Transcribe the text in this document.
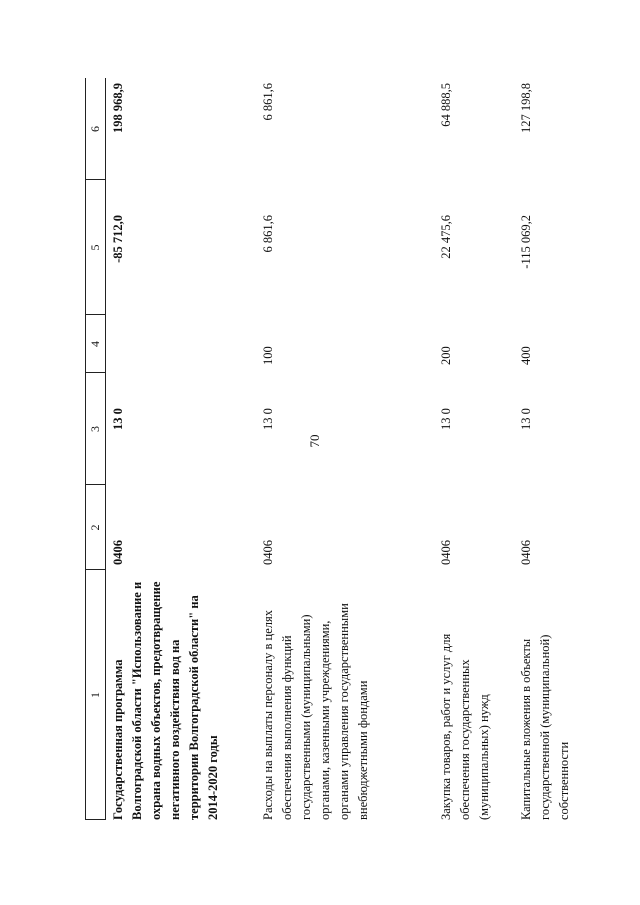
70
1
2
3
4
5
6
Государственная программа Волгоградской области "Использование и охрана водных объектов, предотвращение негативного воздействия вод на территории Волгоградской области" на 2014-2020 годы
0406
13 0
-85 712,0
198 968,9
Расходы на выплаты персоналу в целях обеспечения выполнения функций государственными (муниципальными) органами, казенными учреждениями, органами управления государственными внебюджетными фондами
0406
13 0
100
6 861,6
6 861,6
Закупка товаров, работ и услуг для обеспечения государственных (муниципальных) нужд
0406
13 0
200
22 475,6
64 888,5
Капитальные вложения в объекты государственной (муниципальной) собственности
0406
13 0
400
-115 069,2
127 198,8
